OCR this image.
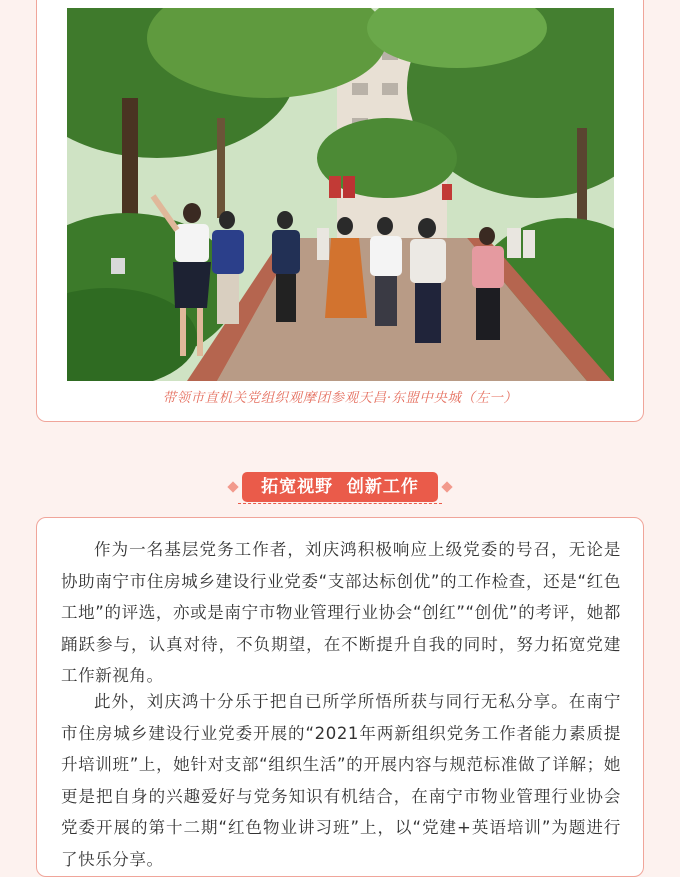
带领市直机关党组织观摩团参观天昌·东盟中央城（左一）
拓宽视野  创新工作

作为一名基层党务工作者，刘庆鸿积极响应上级党委的号召，无论是协助南宁市住房城乡建设行业党委“支部达标创优”的工作检查，还是“红色工地”的评选，亦或是南宁市物业管理行业协会“创红”“创优”的考评，她都踊跃参与，认真对待，不负期望，在不断提升自我的同时，努力拓宽党建工作新视角。

此外，刘庆鸿十分乐于把自已所学所悟所获与同行无私分享。在南宁市住房城乡建设行业党委开展的“2021年两新组织党务工作者能力素质提升培训班”上，她针对支部“组织生活”的开展内容与规范标准做了详解；她更是把自身的兴趣爱好与党务知识有机结合，在南宁市物业管理行业协会党委开展的第十二期“红色物业讲习班”上，以“党建+英语培训”为题进行了快乐分享。
